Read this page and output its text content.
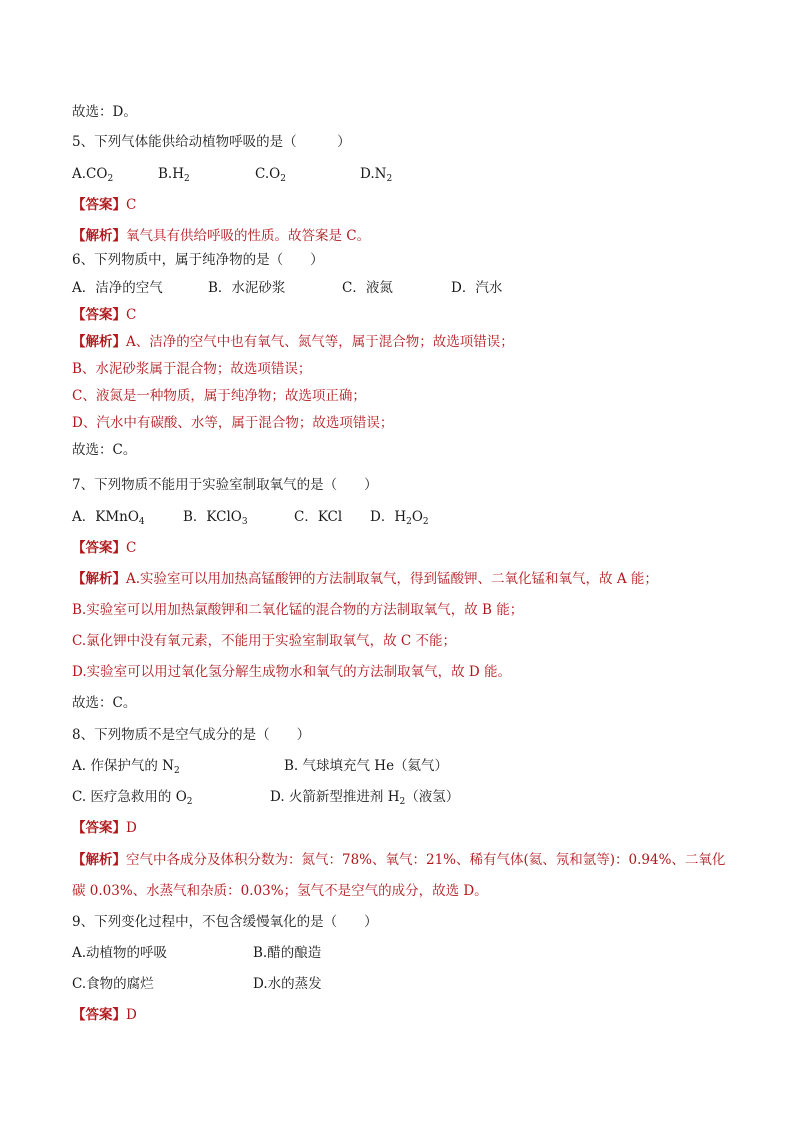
故选：D。
5、下列气体能供给动植物呼吸的是（　　　）
$A.CO_2$	$B.H_2$	$C.O_2$	$D.N_2$
【答案】C
【解析】氧气具有供给呼吸的性质。故答案是 C。
6、下列物质中，属于纯净物的是（　　）
A．洁净的空气	B．水泥砂浆	C．液氮	D．汽水
【答案】C
【解析】A、洁净的空气中也有氧气、氮气等，属于混合物；故选项错误；
B、水泥砂浆属于混合物；故选项错误；
C、液氮是一种物质，属于纯净物；故选项正确；
D、汽水中有碳酸、水等，属于混合物；故选项错误；
故选：C。
7、下列物质不能用于实验室制取氧气的是（　　）
A．KMnO$_4$	B．KClO$_3$	C．KCl D．$H_2O_2$
【答案】C
【解析】A.实验室可以用加热高锰酸钾的方法制取氧气，得到锰酸钾、二氧化锰和氧气，故 A 能；
B.实验室可以用加热氯酸钾和二氧化锰的混合物的方法制取氧气，故 B 能；
C.氯化钾中没有氧元素，不能用于实验室制取氧气，故 C 不能；
D.实验室可以用过氧化氢分解生成物水和氧气的方法制取氧气，故 D 能。
故选：C。
8、下列物质不是空气成分的是（　　）
A. 作保护气的 $N_2$	B. 气球填充气 He（氦气）
C. 医疗急救用的 $O_2$	D. 火箭新型推进剂 $H_2$（液氢）
【答案】D
【解析】空气中各成分及体积分数为：氮气：78%、氧气：21%、稀有气体(氦、氖和氩等)：0.94%、二氧化
碳 0.03%、水蒸气和杂质：0.03%；氢气不是空气的成分，故选 D。
9、下列变化过程中，不包含缓慢氧化的是（　　）
A.动植物的呼吸	B.醋的酿造
C.食物的腐烂	D.水的蒸发
【答案】D
